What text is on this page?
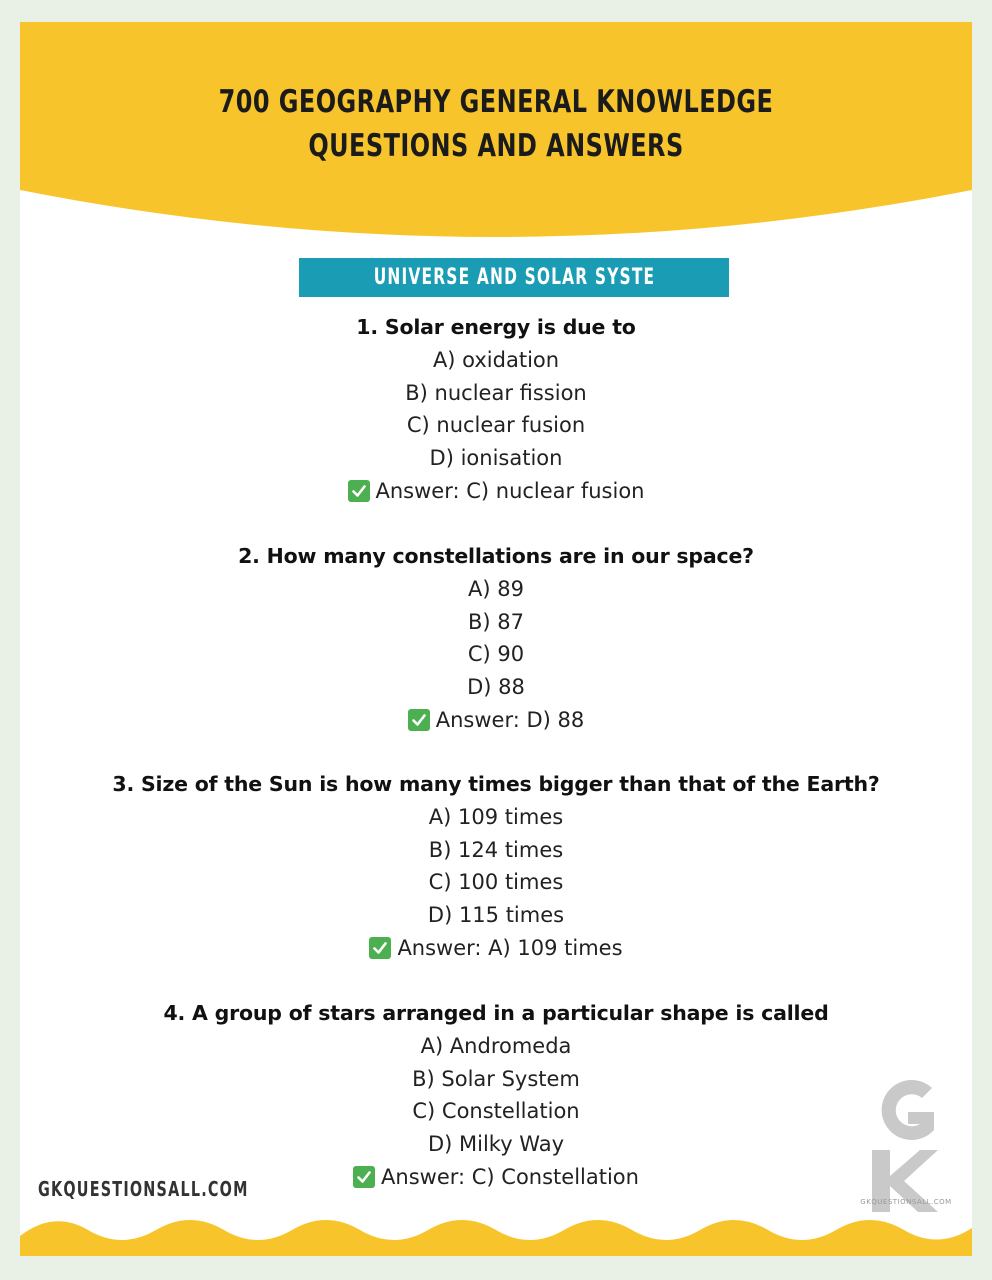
700 GEOGRAPHY GENERAL KNOWLEDGE
QUESTIONS AND ANSWERS
UNIVERSE AND SOLAR SYSTE
1. Solar energy is due to
A) oxidation
B) nuclear fission
C) nuclear fusion
D) ionisation
Answer: C) nuclear fusion
2. How many constellations are in our space?
A) 89
B) 87
C) 90
D) 88
Answer: D) 88
3. Size of the Sun is how many times bigger than that of the Earth?
A) 109 times
B) 124 times
C) 100 times
D) 115 times
Answer: A) 109 times
4. A group of stars arranged in a particular shape is called
A) Andromeda
B) Solar System
C) Constellation
D) Milky Way
Answer: C) Constellation
GKQUESTIONSALL.COM
GKQUESTIONSALL.COM
